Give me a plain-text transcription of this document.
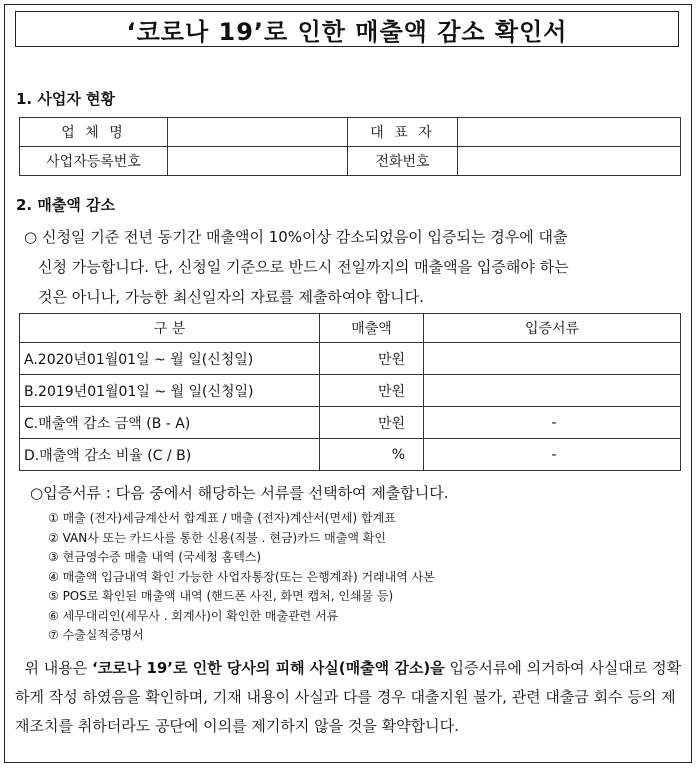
‘코로나 19’로 인한 매출액 감소 확인서
1. 사업자 현황
업 체 명		대 표 자	
사업자등록번호		전화번호	
2. 매출액 감소
○ 신청일 기준 전년 동기간 매출액이 10%이상 감소되었음이 입증되는 경우에 대출
신청 가능합니다. 단, 신청일 기준으로 반드시 전일까지의 매출액을 입증해야 하는
것은 아니나, 가능한 최신일자의 자료를 제출하여야 합니다.
구 분	매출액	입증서류
A.2020년01월01일 ~ 월 일(신청일)	만원	
B.2019년01월01일 ~ 월 일(신청일)	만원	
C.매출액 감소 금액 (B - A)	만원	-
D.매출액 감소 비율 (C / B)	%	-
○입증서류 : 다음 중에서 해당하는 서류를 선택하여 제출합니다.
① 매출 (전자)세금계산서 합계표 / 매출 (전자)계산서(면세) 합계표
② VAN사 또는 카드사를 통한 신용(직불 . 현금)카드 매출액 확인
③ 현금영수증 매출 내역 (국세청 홈텍스)
④ 매출액 입금내역 확인 가능한 사업자통장(또는 은행계좌) 거래내역 사본
⑤ POS로 확인된 매출액 내역 (핸드폰 사진, 화면 캡처, 인쇄물 등)
⑥ 세무대리인(세무사 . 회계사)이 확인한 매출관련 서류
⑦ 수출실적증명서
위 내용은 ‘코로나 19’로 인한 당사의 피해 사실(매출액 감소)을 입증서류에 의거하여 사실대로 정확하게 작성 하였음을 확인하며, 기재 내용이 사실과 다를 경우 대출지원 불가, 관련 대출금 회수 등의 제재조치를 취하더라도 공단에 이의를 제기하지 않을 것을 확약합니다.
